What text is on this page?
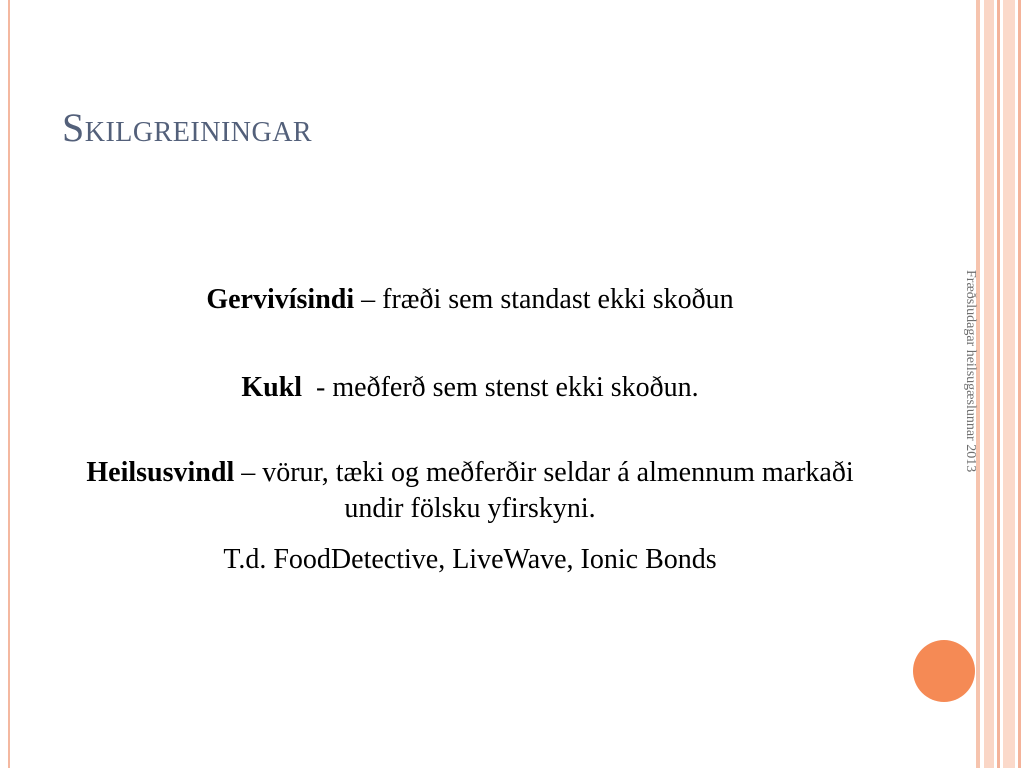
Skilgreiningar

Gervivísindi – fræði sem standast ekki skoðun

Kukl  - meðferð sem stenst ekki skoðun.

Heilsusvindl – vörur, tæki og meðferðir seldar á almennum markaði undir fölsku yfirskyni.

T.d. FoodDetective, LiveWave, Ionic Bonds

Fræðsludagar heilsugæslunnar 2013
